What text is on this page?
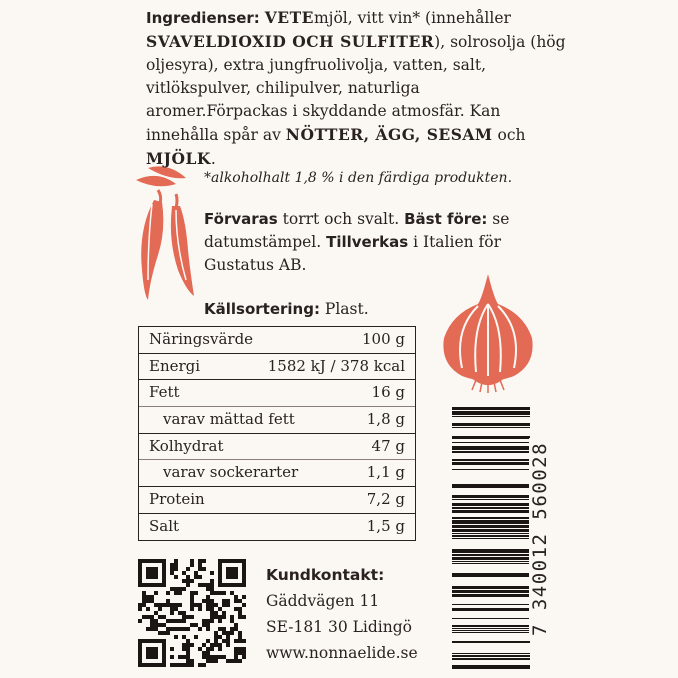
Ingredienser: VETEmjöl, vitt vin* (innehåller SVAVELDIOXID OCH SULFITER), solrosolja (hög oljesyra), extra jungfruolivolja, vatten, salt, vitlökspulver, chilipulver, naturliga aromer.Förpackas i skyddande atmosfär. Kan innehålla spår av NÖTTER, ÄGG, SESAM och MJÖLK.
*alkoholhalt 1,8 % i den färdiga produkten.
Förvaras torrt och svalt. Bäst före: se datumstämpel. Tillverkas i Italien för Gustatus AB.
Källsortering: Plast.
Näringsvärde	100 g
Energi	1582 kJ / 378 kcal
Fett	16 g
varav mättad fett	1,8 g
Kolhydrat	47 g
varav sockerarter	1,1 g
Protein	7,2 g
Salt	1,5 g
Kundkontakt:
Gäddvägen 11
SE-181 30 Lidingö
www.nonnaelide.se
7 340012 560028
